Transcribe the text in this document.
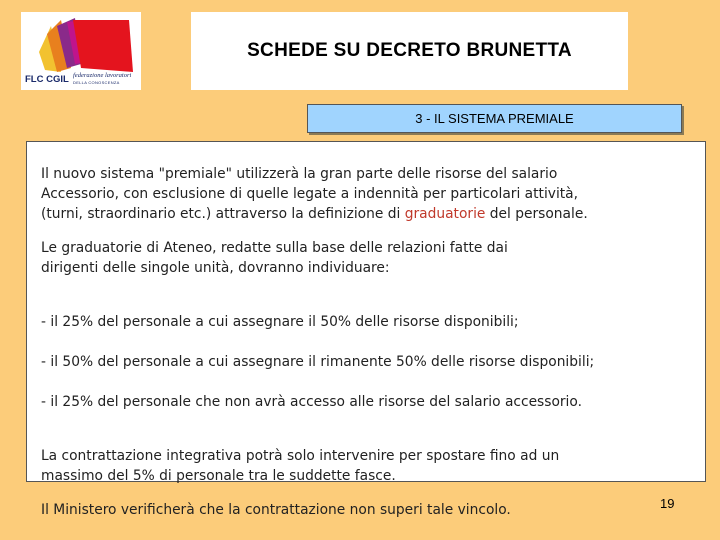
FLC CGIL federazione lavoratori
DELLA CONOSCENZA
SCHEDE SU DECRETO BRUNETTA
3 - IL SISTEMA PREMIALE

Il nuovo sistema "premiale" utilizzerà la gran parte delle risorse del salario
Accessorio, con esclusione di quelle legate a indennità per particolari attività,
(turni, straordinario etc.) attraverso la definizione di graduatorie del personale.

Le graduatorie di Ateneo, redatte sulla base delle relazioni fatte dai
dirigenti delle singole unità, dovranno individuare:

- il 25% del personale a cui assegnare il 50% delle risorse disponibili;

- il 50% del personale a cui assegnare il rimanente 50% delle risorse disponibili;

- il 25% del personale che non avrà accesso alle risorse del salario accessorio.

La contrattazione integrativa potrà solo intervenire per spostare fino ad un
massimo del 5% di personale tra le suddette fasce.

Il Ministero verificherà che la contrattazione non superi tale vincolo.	19
